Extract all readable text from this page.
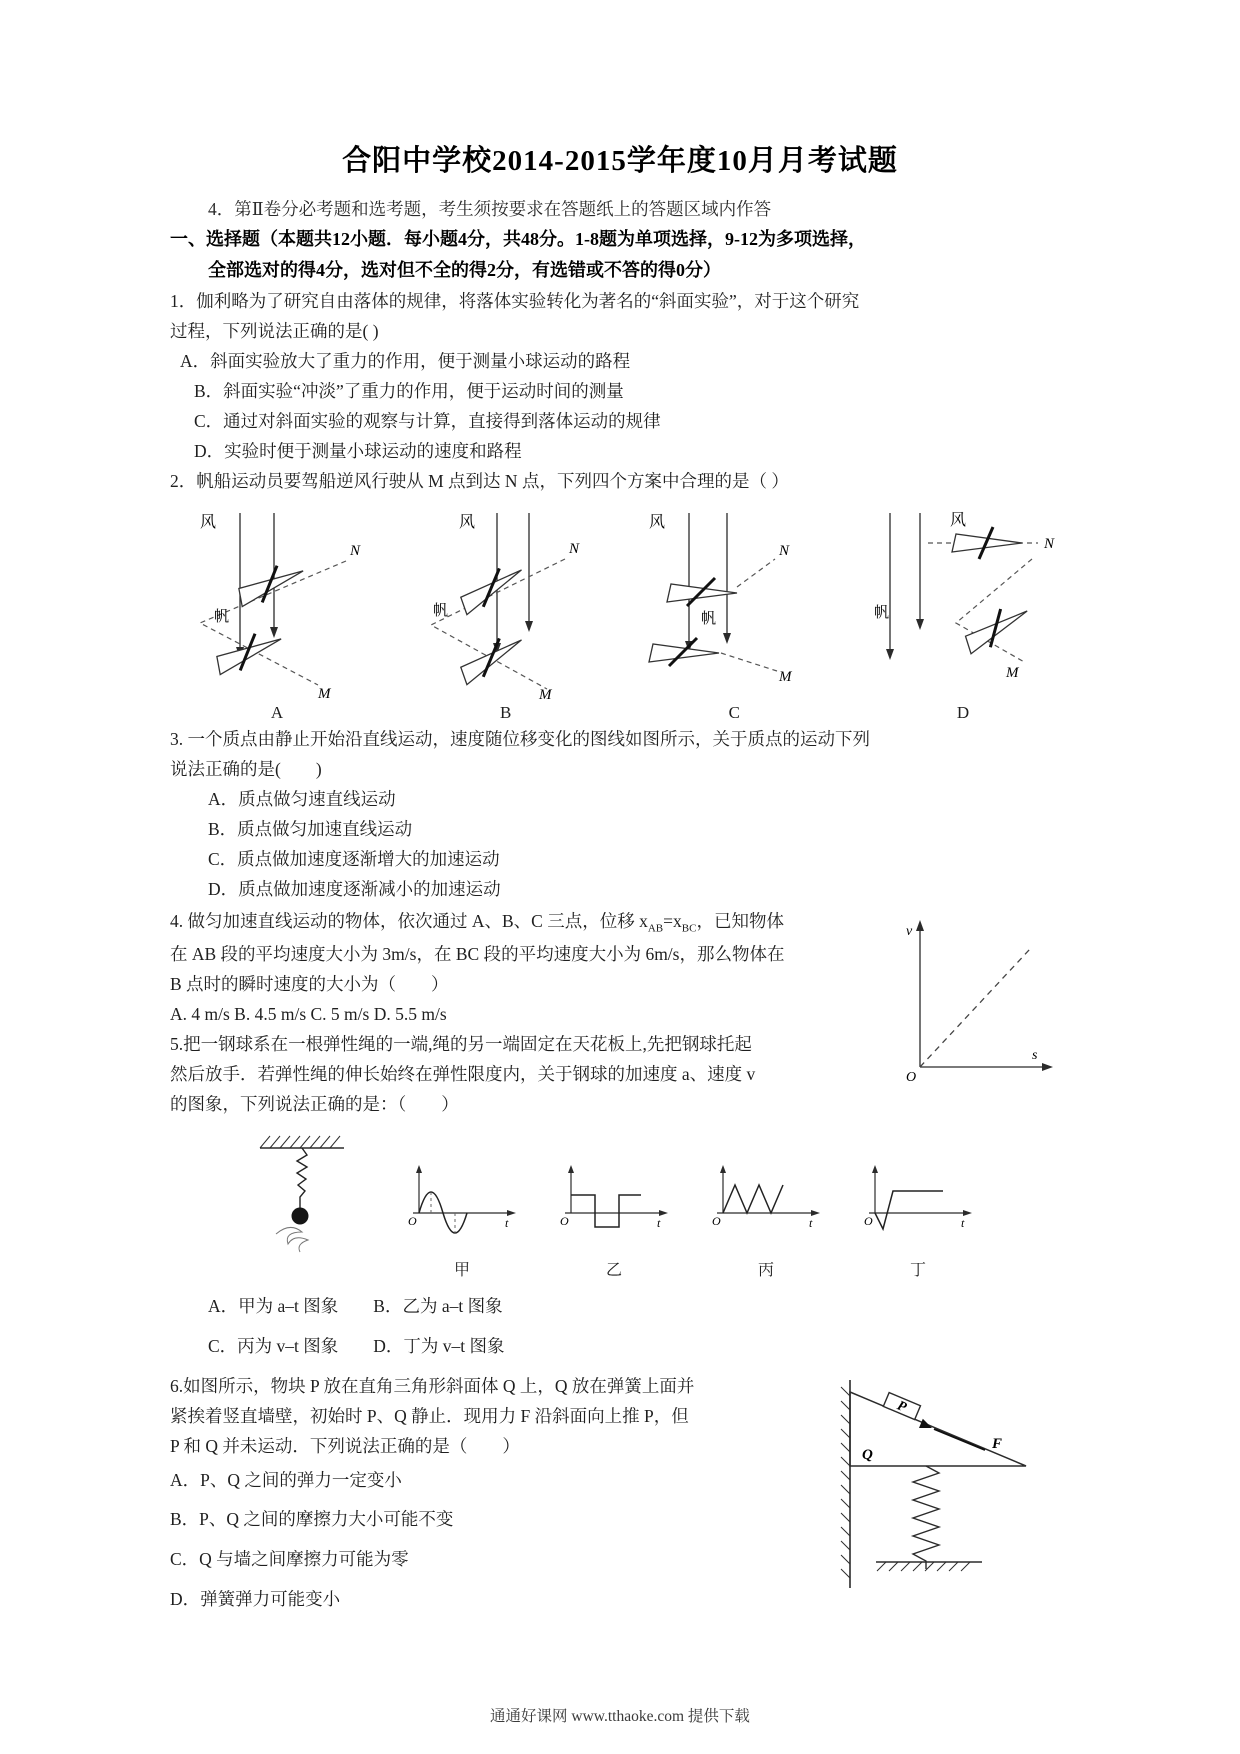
合阳中学校2014-2015学年度10月月考试题

4．第Ⅱ卷分必考题和选考题，考生须按要求在答题纸上的答题区域内作答

一、选择题（本题共12小题．每小题4分，共48分。1-8题为单项选择，9-12为多项选择，

全部选对的得4分，选对但不全的得2分，有选错或不答的得0分）

1．伽利略为了研究自由落体的规律，将落体实验转化为著名的“斜面实验”，对于这个研究

过程，下列说法正确的是( )

A．斜面实验放大了重力的作用，便于测量小球运动的路程

B．斜面实验“冲淡”了重力的作用，便于运动时间的测量

C．通过对斜面实验的观察与计算，直接得到落体运动的规律

D．实验时便于测量小球运动的速度和路程

2．帆船运动员要驾船逆风行驶从 M 点到达 N 点，下列四个方案中合理的是（ ）

风
N
帆
M
A
风
N
帆
M
B
风
N
帆
M
C
风
N
帆
M
D

3. 一个质点由静止开始沿直线运动，速度随位移变化的图线如图所示，关于质点的运动下列

说法正确的是(　　)

A．质点做匀速直线运动

B．质点做匀加速直线运动

C．质点做加速度逐渐增大的加速运动

D．质点做加速度逐渐减小的加速运动

v
s
O

4. 做匀加速直线运动的物体，依次通过 A、B、C 三点，位移 $x_{AB}=x_{BC}$，已知物体

在 AB 段的平均速度大小为 3m/s，在 BC 段的平均速度大小为 6m/s，那么物体在

B 点时的瞬时速度的大小为（　　）

A. 4 m/s B. 4.5 m/s C. 5 m/s D. 5.5 m/s

5.把一钢球系在一根弹性绳的一端,绳的另一端固定在天花板上,先把钢球托起

然后放手．若弹性绳的伸长始终在弹性限度内，关于钢球的加速度 a、速度 v

的图象，下列说法正确的是：（　　）

O	t
甲
O	t
乙
O	t
丙
O	t
丁

A．甲为 a–t 图象　　B．乙为 a–t 图象

C．丙为 v–t 图象　　D．丁为 v–t 图象

P
F
Q

6.如图所示，物块 P 放在直角三角形斜面体 Q 上，Q 放在弹簧上面并

紧挨着竖直墙壁，初始时 P、Q 静止．现用力 F 沿斜面向上推 P，但

P 和 Q 并未运动．下列说法正确的是（　　）

A．P、Q 之间的弹力一定变小

B．P、Q 之间的摩擦力大小可能不变

C．Q 与墙之间摩擦力可能为零

D．弹簧弹力可能变小

通通好课网 www.tthaoke.com 提供下载
